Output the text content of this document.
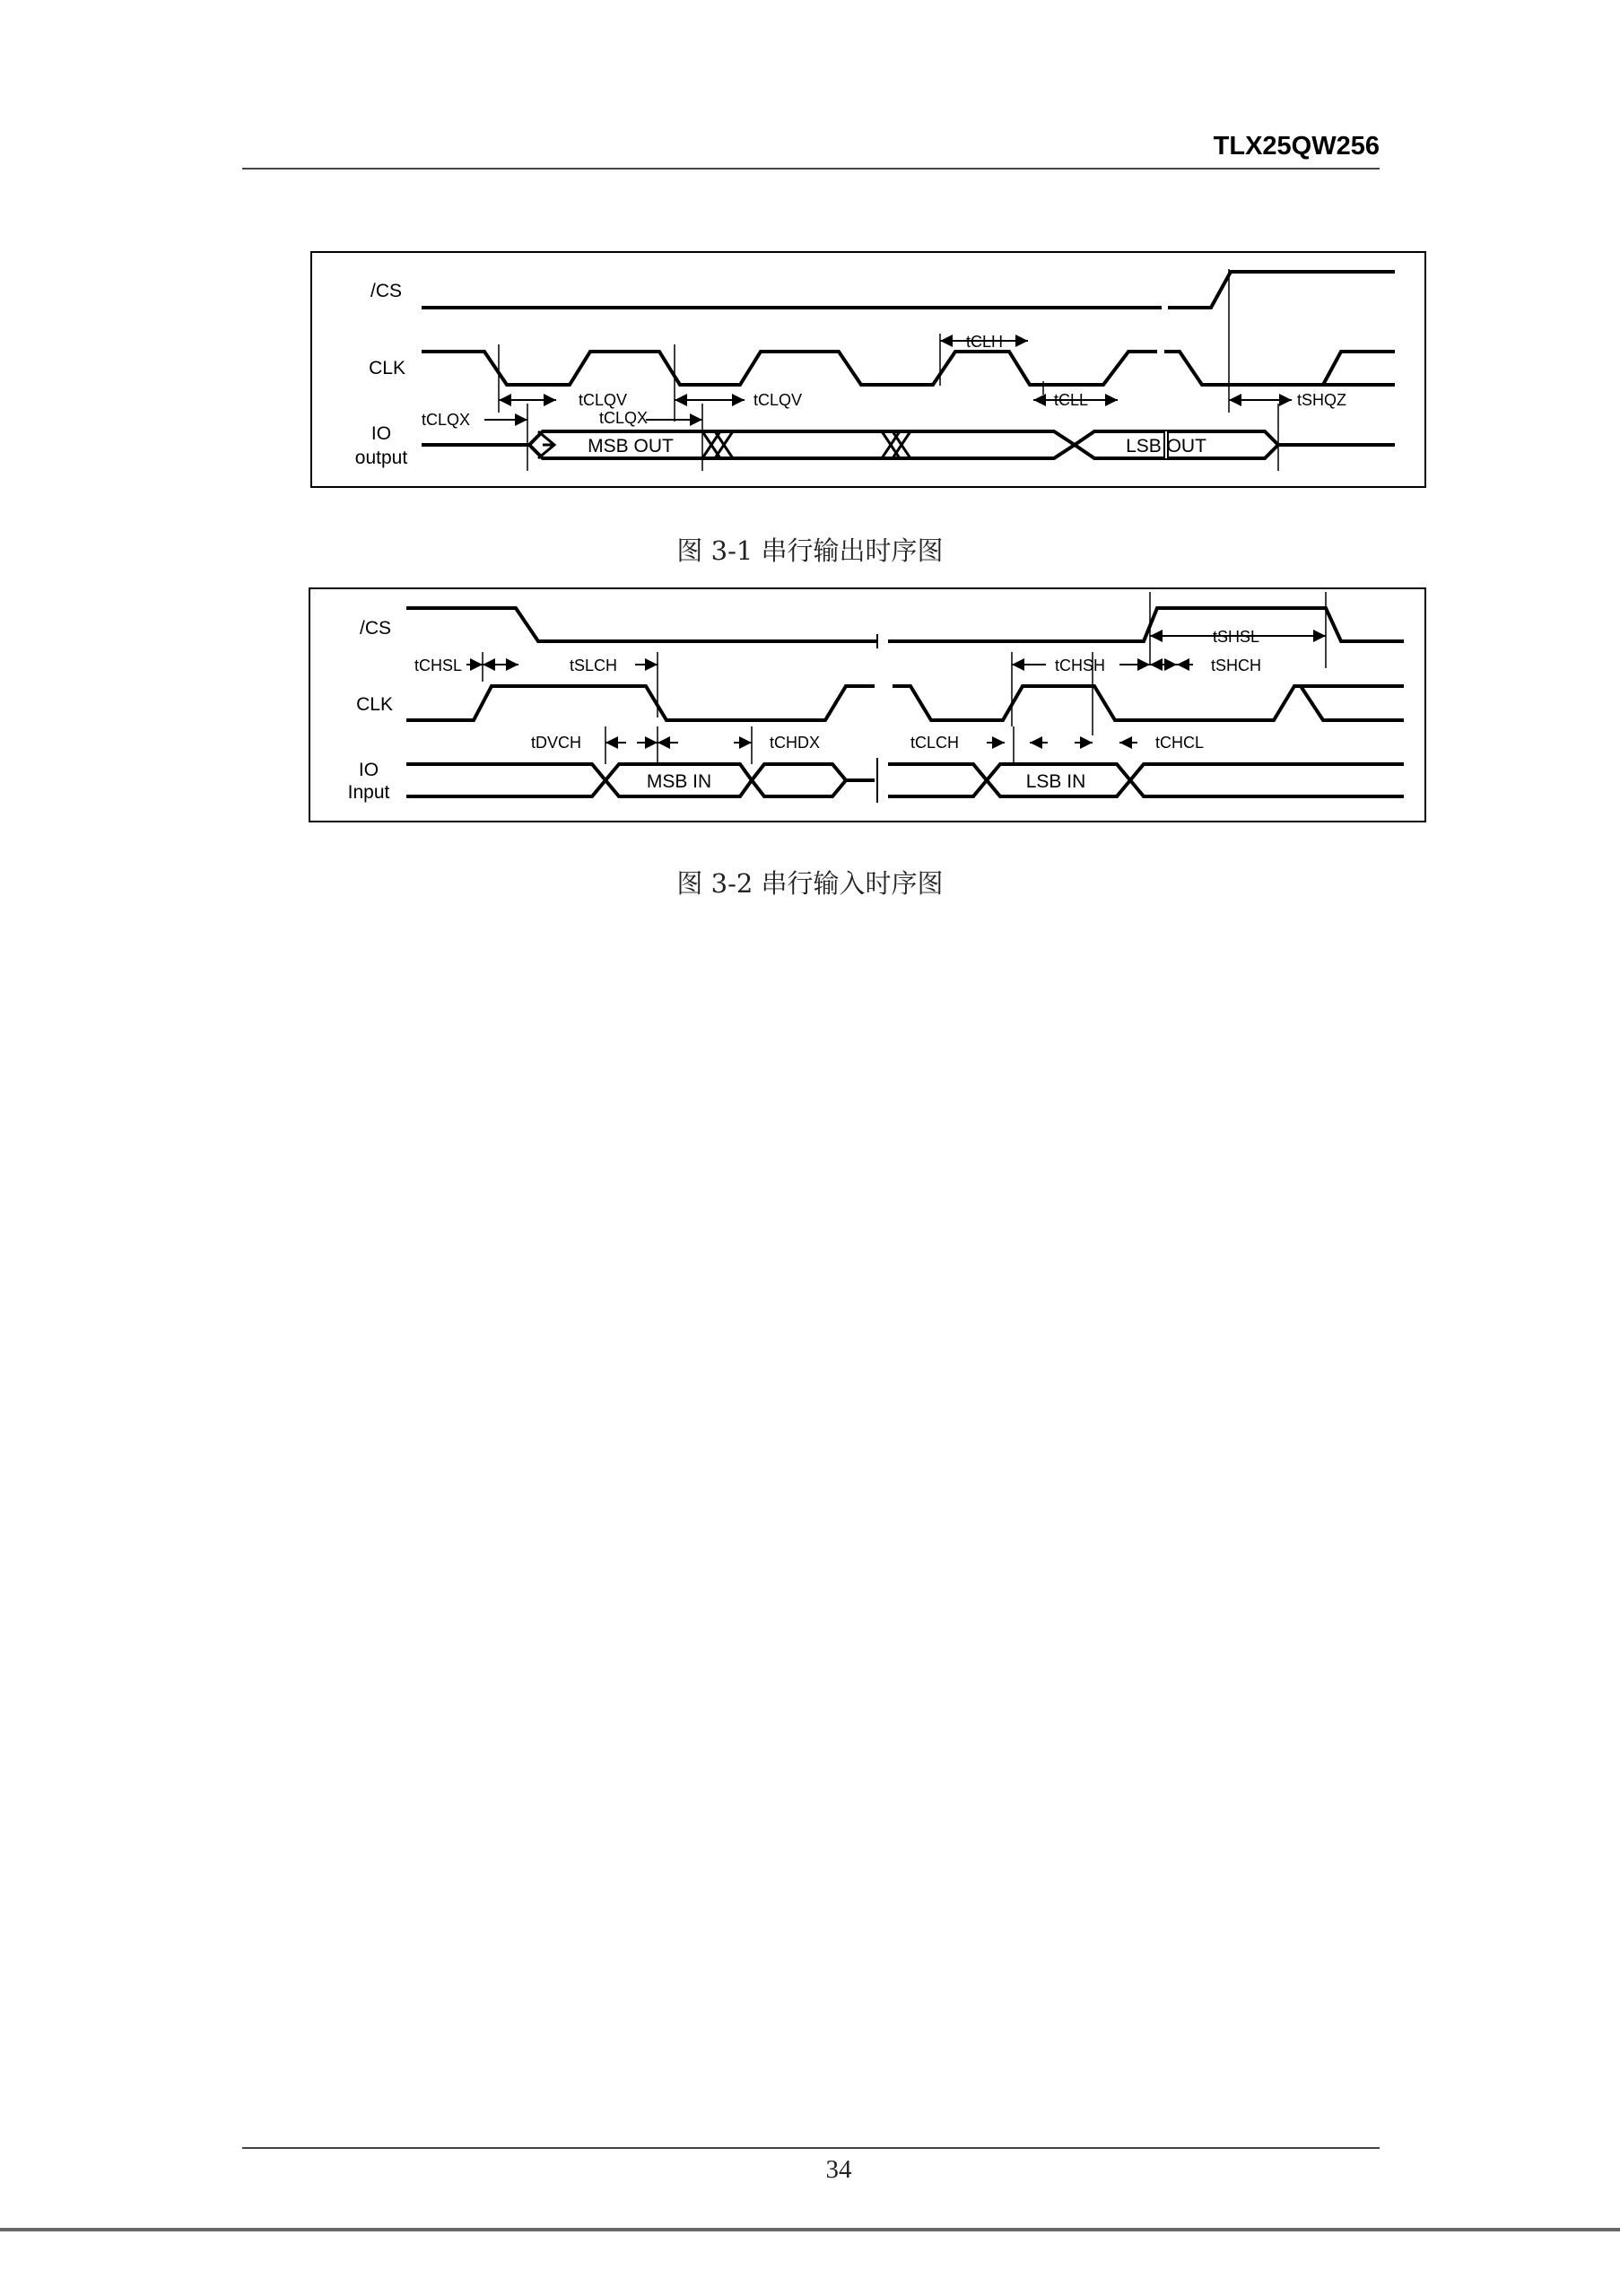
TLX25QW256
/CS
CLK
IO
output
tCLQX
tCLQV
tCLQX
tCLQV
tCLH
tCLL	tSHQZ
MSB OUT	LSB OUT
/CS
CLK
IO
Input
tCHSL	tSLCH
tSHSL
tCHSH	tSHCH
tDVCH	tCHDX	tCLCH	tCHCL
MSB IN	LSB IN
图 3-1 串行输出时序图
图 3-2 串行输入时序图
34
